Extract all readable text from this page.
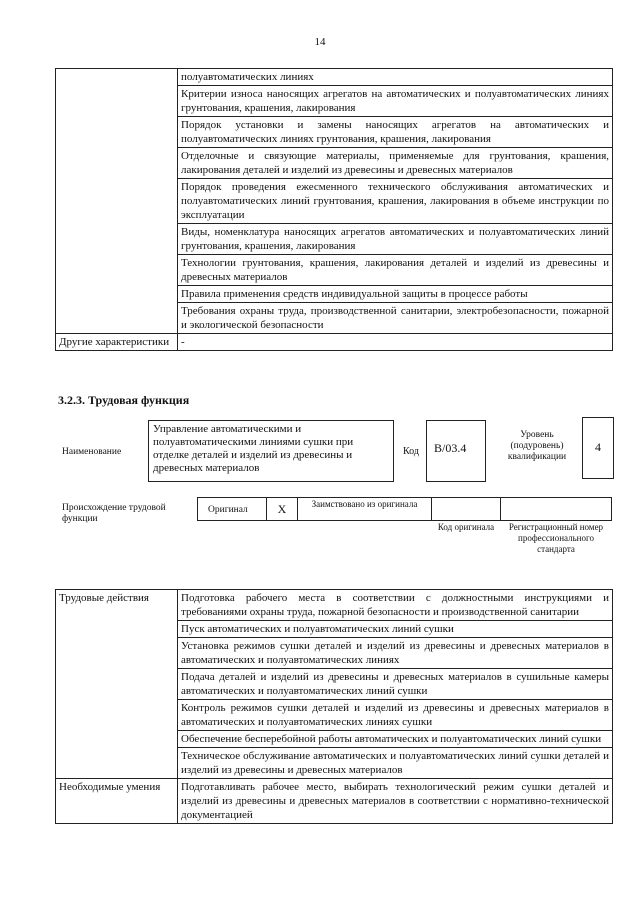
14
	полуавтоматических линиях
	Критерии износа наносящих агрегатов на автоматических и полуавтоматических линиях грунтования, крашения, лакирования
	Порядок установки и замены наносящих агрегатов на автоматических и полуавтоматических линиях грунтования, крашения, лакирования
	Отделочные и связующие материалы, применяемые для грунтования, крашения, лакирования деталей и изделий из древесины и древесных материалов
	Порядок проведения ежесменного технического обслуживания автоматических и полуавтоматических линий грунтования, крашения, лакирования в объеме инструкции по эксплуатации
	Виды, номенклатура наносящих агрегатов автоматических и полуавтоматических линий грунтования, крашения, лакирования
	Технологии грунтования, крашения, лакирования деталей и изделий из древесины и древесных материалов
	Правила применения средств индивидуальной защиты в процессе работы
	Требования охраны труда, производственной санитарии, электробезопасности, пожарной и экологической безопасности
Другие характеристики	-
3.2.3. Трудовая функция
Наименование
Управление автоматическими и полуавтоматическими линиями сушки при отделке деталей и изделий из древесины и древесных материалов
Код	B/03.4
Уровень (подуровень) квалификации
4
Происхождение трудовой функции
Оригинал	X	Заимствовано из оригинала
Код оригинала	Регистрационный номер профессионального стандарта
Трудовые действия	Подготовка рабочего места в соответствии с должностными инструкциями и требованиями охраны труда, пожарной безопасности и производственной санитарии
	Пуск автоматических и полуавтоматических линий сушки
	Установка режимов сушки деталей и изделий из древесины и древесных материалов в автоматических и полуавтоматических линиях
	Подача деталей и изделий из древесины и древесных материалов в сушильные камеры автоматических и полуавтоматических линий сушки
	Контроль режимов сушки деталей и изделий из древесины и древесных материалов в автоматических и полуавтоматических линиях сушки
	Обеспечение бесперебойной работы автоматических и полуавтоматических линий сушки
	Техническое обслуживание автоматических и полуавтоматических линий сушки деталей и изделий из древесины и древесных материалов
Необходимые умения	Подготавливать рабочее место, выбирать технологический режим сушки деталей и изделий из древесины и древесных материалов в соответствии с нормативно-технической документацией
